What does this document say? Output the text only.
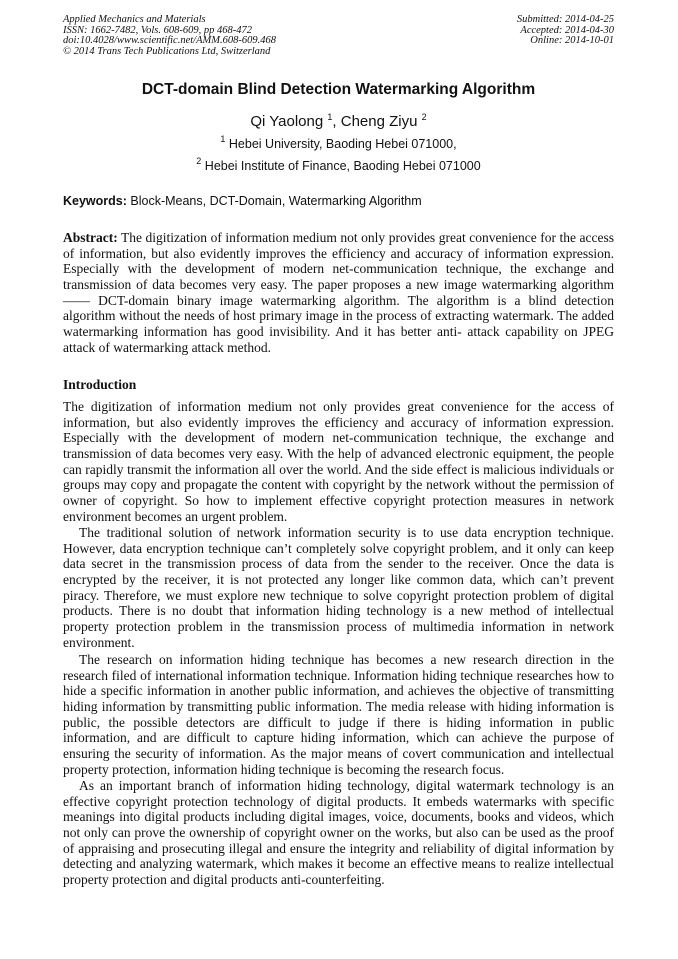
Applied Mechanics and Materials
ISSN: 1662-7482, Vols. 608-609, pp 468-472
doi:10.4028/www.scientific.net/AMM.608-609.468
© 2014 Trans Tech Publications Ltd, Switzerland
Submitted: 2014-04-25
Accepted: 2014-04-30
Online: 2014-10-01
DCT-domain Blind Detection Watermarking Algorithm
Qi Yaolong $^1$, Cheng Ziyu $^2$
$^1$ Hebei University, Baoding Hebei 071000,
$^2$ Hebei Institute of Finance, Baoding Hebei 071000
Keywords: Block-Means, DCT-Domain, Watermarking Algorithm
Abstract: The digitization of information medium not only provides great convenience for the access of information, but also evidently improves the efficiency and accuracy of information expression. Especially with the development of modern net-communication technique, the exchange and transmission of data becomes very easy. The paper proposes a new image watermarking algorithm —— DCT-domain binary image watermarking algorithm. The algorithm is a blind detection algorithm without the needs of host primary image in the process of extracting watermark. The added watermarking information has good invisibility. And it has better anti- attack capability on JPEG attack of watermarking attack method.
Introduction
The digitization of information medium not only provides great convenience for the access of information, but also evidently improves the efficiency and accuracy of information expression. Especially with the development of modern net-communication technique, the exchange and transmission of data becomes very easy. With the help of advanced electronic equipment, the people can rapidly transmit the information all over the world. And the side effect is malicious individuals or groups may copy and propagate the content with copyright by the network without the permission of owner of copyright. So how to implement effective copyright protection measures in network environment becomes an urgent problem.
The traditional solution of network information security is to use data encryption technique. However, data encryption technique can’t completely solve copyright problem, and it only can keep data secret in the transmission process of data from the sender to the receiver. Once the data is encrypted by the receiver, it is not protected any longer like common data, which can’t prevent piracy. Therefore, we must explore new technique to solve copyright protection problem of digital products. There is no doubt that information hiding technology is a new method of intellectual property protection problem in the transmission process of multimedia information in network environment.
The research on information hiding technique has becomes a new research direction in the research filed of international information technique. Information hiding technique researches how to hide a specific information in another public information, and achieves the objective of transmitting hiding information by transmitting public information. The media release with hiding information is public, the possible detectors are difficult to judge if there is hiding information in public information, and are difficult to capture hiding information, which can achieve the purpose of ensuring the security of information. As the major means of covert communication and intellectual property protection, information hiding technique is becoming the research focus.
As an important branch of information hiding technology, digital watermark technology is an effective copyright protection technology of digital products. It embeds watermarks with specific meanings into digital products including digital images, voice, documents, books and videos, which not only can prove the ownership of copyright owner on the works, but also can be used as the proof of appraising and prosecuting illegal and ensure the integrity and reliability of digital information by detecting and analyzing watermark, which makes it become an effective means to realize intellectual property protection and digital products anti-counterfeiting.
